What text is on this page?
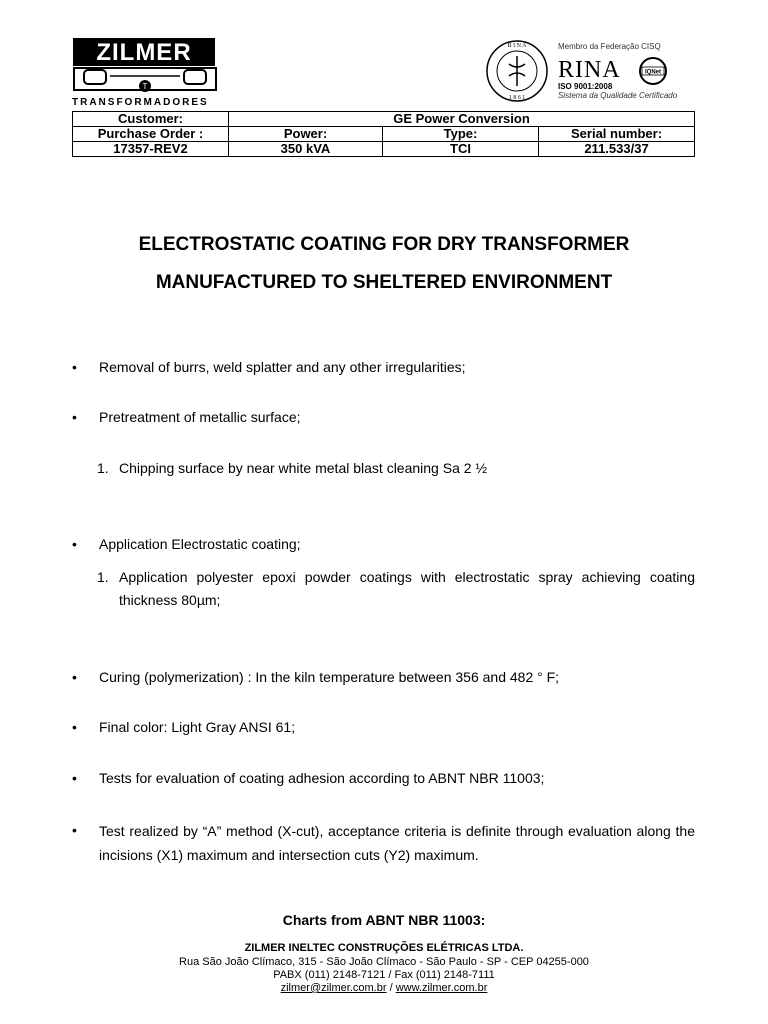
ZILMER
T
TRANSFORMADORES
R I N A
1 8 6 1
Membro da Federação CISQ
RINA	IQNet
ISO 9001:2008
Sistema da Qualidade Certificado
Customer:	GE Power Conversion		
Purchase Order :	Power:	Type:	Serial number:
17357-REV2	350 kVA	TCI	211.533/37
ELECTROSTATIC COATING FOR DRY TRANSFORMER
MANUFACTURED TO SHELTERED ENVIRONMENT
• Removal of burrs, weld splatter and any other irregularities;
• Pretreatment of metallic surface;
1. Chipping surface by near white metal blast cleaning Sa 2 ½
• Application Electrostatic coating;
1. Application polyester epoxi powder coatings with electrostatic spray achieving coating thickness 80µm;
• Curing (polymerization) : In the kiln temperature between 356 and 482 ° F;
• Final color: Light Gray ANSI 61;
• Tests for evaluation of coating adhesion according to ABNT NBR 11003;
• Test realized by “A” method (X-cut), acceptance criteria is definite through evaluation along the incisions (X1) maximum and intersection cuts (Y2) maximum.
Charts from ABNT NBR 11003:
ZILMER INELTEC CONSTRUÇÕES ELÉTRICAS LTDA.
Rua São João Clímaco, 315 - São João Clímaco - São Paulo - SP - CEP 04255-000
PABX (011) 2148-7121 / Fax (011) 2148-7111
zilmer@zilmer.com.br / www.zilmer.com.br
